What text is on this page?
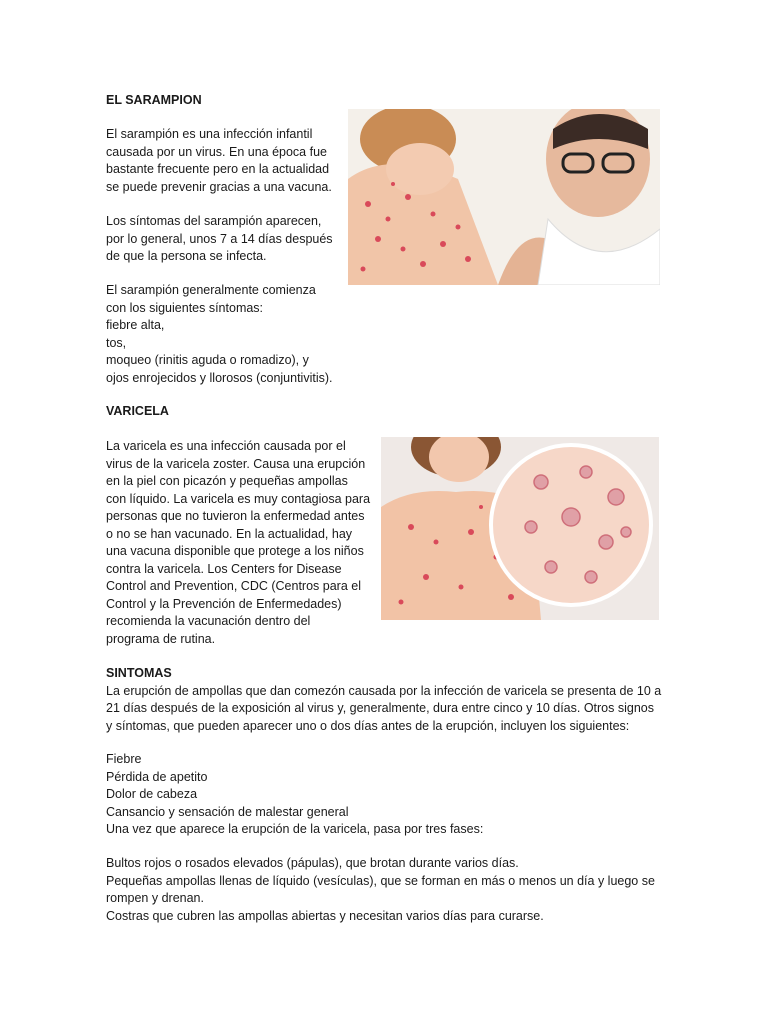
EL SARAMPION

El sarampión es una infección infantil

causada por un virus. En una época fue

bastante frecuente pero en la actualidad

se puede prevenir gracias a una vacuna.

Los síntomas del sarampión aparecen,

por lo general, unos 7 a 14 días después

de que la persona se infecta.

El sarampión generalmente comienza

con los siguientes síntomas:

fiebre alta,

tos,

moqueo (rinitis aguda o romadizo), y

ojos enrojecidos y llorosos (conjuntivitis).

VARICELA

La varicela es una infección causada por el

virus de la varicela zoster. Causa una erupción

en la piel con picazón y pequeñas ampollas

con líquido. La varicela es muy contagiosa para

personas que no tuvieron la enfermedad antes

o no se han vacunado. En la actualidad, hay

una vacuna disponible que protege a los niños

contra la varicela. Los Centers for Disease

Control and Prevention, CDC (Centros para el

Control y la Prevención de Enfermedades)

recomienda la vacunación dentro del

programa de rutina.

SINTOMAS

La erupción de ampollas que dan comezón causada por la infección de varicela se presenta de 10 a

21 días después de la exposición al virus y, generalmente, dura entre cinco y 10 días. Otros signos

y síntomas, que pueden aparecer uno o dos días antes de la erupción, incluyen los siguientes:

Fiebre

Pérdida de apetito

Dolor de cabeza

Cansancio y sensación de malestar general

Una vez que aparece la erupción de la varicela, pasa por tres fases:

Bultos rojos o rosados elevados (pápulas), que brotan durante varios días.

Pequeñas ampollas llenas de líquido (vesículas), que se forman en más o menos un día y luego se

rompen y drenan.

Costras que cubren las ampollas abiertas y necesitan varios días para curarse.
